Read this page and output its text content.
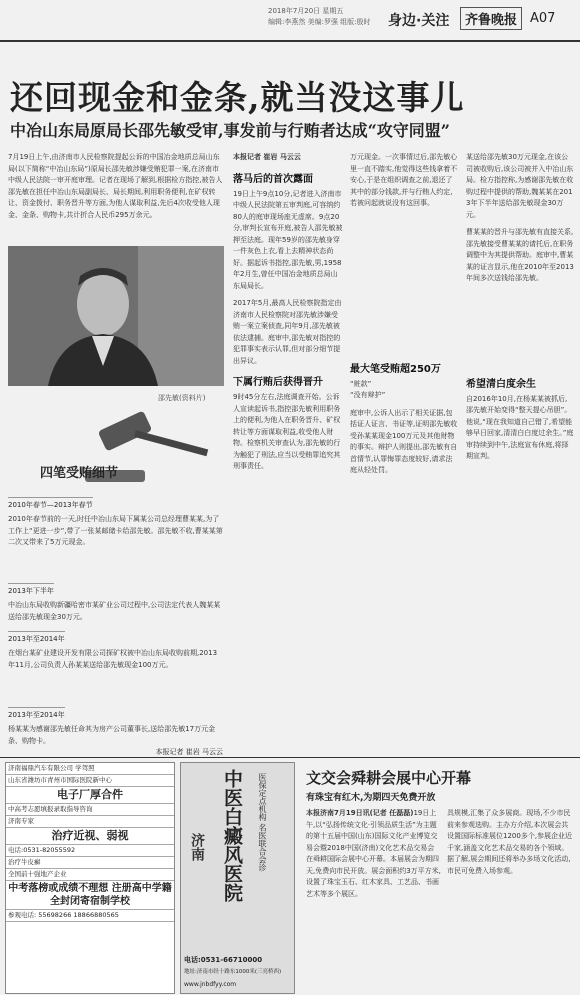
2018年7月20日 星期五
编辑:李燕然 美编:罗强 组版:殷时 身边·关注	齐鲁晚报 A07
还回现金和金条,就当没这事儿
中冶山东局原局长邵先敏受审,事发前与行贿者达成“攻守同盟”
7月19日上午,由济南市人民检察院提起公诉的中国冶金地质总局山东局(以下简称“中冶山东局”)原局长邵先敏涉嫌受贿犯罪一案,在济南市中级人民法院一审开庭审理。记者在现场了解到,根据检方指控,被告人邵先敏在担任中冶山东局副局长、局长期间,利用职务便利,在矿权转让、资金拨付、职务晋升等方面,为他人谋取利益,先后4次收受他人现金、金条、购物卡,共计折合人民币295万余元。
邵先敏(资料片)
四笔受贿细节
2010年春节—2013年春节
2010年春节前的一天,时任中冶山东局下属某公司总经理曹某某,为了工作上“更进一步”,带了一张某邮储卡给邵先敏。邵先敏不收,曹某某第二次又带来了5万元现金。
2013年下半年
中冶山东局收购新疆哈密市某矿业公司过程中,公司法定代表人魏某某送给邵先敏现金30万元。
2013年至2014年
在烟台某矿业建设开发有限公司探矿权被中冶山东局收购前期,2013年11月,公司负责人孙某某送给邵先敏现金100万元。
2013年至2014年
杨某某为感谢邵先敏任命其为房产公司董事长,送给邵先敏17万元金条、购物卡。
本报记者 崔岩 马云云
本报记者 崔岩 马云云
落马后的首次露面
19日上午9点10分,记者进入济南市中级人民法院第五审判庭,可容纳约80人的庭审现场座无虚席。9点20分,审判长宣布开庭,被告人邵先敏被押至法庭。现年59岁的邵先敏身穿一件灰色上衣,看上去精神状态尚好。据起诉书指控,邵先敏,男,1958年2月生,曾任中国冶金地质总局山东局局长。
2017年5月,最高人民检察院指定由济南市人民检察院对邵先敏涉嫌受贿一案立案侦查,同年9月,邵先敏被依法逮捕。庭审中,邵先敏对指控的犯罪事实表示认罪,但对部分细节提出异议。
下属行贿后获得晋升
9时45分左右,法庭调查开始。公诉人宣读起诉书,指控邵先敏利用职务上的便利,为他人在职务晋升、矿权转让等方面谋取利益,收受他人财物。检察机关审查认为,邵先敏的行为触犯了刑法,应当以受贿罪追究其刑事责任。
万元现金。一次事情过后,邵先敏心里一直不踏实,他觉得这些钱拿着不安心,于是在组织调查之前,退还了其中的部分钱款,并与行贿人约定,若被问起就说没有这回事。
最大笔受贿超250万
“赃款”
“没有辩护”
庭审中,公诉人出示了相关证据,包括证人证言、书证等,证明邵先敏收受孙某某现金100万元及其他财物的事实。辩护人则提出,邵先敏有自首情节,认罪悔罪态度较好,请求法庭从轻处罚。
某送给邵先敏30万元现金,在该公司被收购后,该公司被并入中冶山东局。检方指控称,为感谢邵先敏在收购过程中提供的帮助,魏某某在2013年下半年送给邵先敏现金30万元。
曹某某的晋升与邵先敏有直接关系,邵先敏接受曹某某的请托后,在职务调整中为其提供帮助。庭审中,曹某某的证言显示,他在2010年至2013年间多次送钱给邵先敏。
希望清白度余生
自2016年10月,在杨某某被抓后,邵先敏开始变得“整天提心吊胆”。他说,“现在我知道自己错了,希望能够早日回家,清清白白度过余生。”庭审持续到中午,法庭宣布休庭,将择期宣判。
济南福鼎汽车有限公司 学驾照
山东省潍坊市青州市国际医院新中心
电子厂厚合件
中高考志愿填报录取指导咨询
济南专家
治疗近视、弱视
电话:0531-82055592
治疗牛皮癣
全国前十强地产企业
中考落榜或成绩不理想 注册高中学籍 全封闭寄宿制学校
参观电话: 55698266 18866880565
济南 中医白癜风医院	医保定点机构 名医联合会诊
电话:0531-66710000
地址:济南市经十路东1000米(三亮桥西)
www.jnbdfyy.com
文交会舜耕会展中心开幕
有珠宝有红木,为期四天免费开放
本报济南7月19日讯(记者 任磊磊)19日上午,以“弘扬传统文化·引领品质生活”为主题的第十五届中国(山东)国际文化产业博览交易会暨2018中国(济南)文化艺术品交易会在舜耕国际会展中心开幕。本届展会为期四天,免费向市民开放。展会面积约3万平方米,设置了珠宝玉石、红木家具、工艺品、书画艺术等多个展区。
具规模,汇集了众多展商。现场,不少市民前来参观选购。主办方介绍,本次展会共设置国际标准展位1200多个,参展企业近千家,涵盖文化艺术品交易的各个领域。据了解,展会期间还将举办多场文化活动,市民可免费入场参观。
